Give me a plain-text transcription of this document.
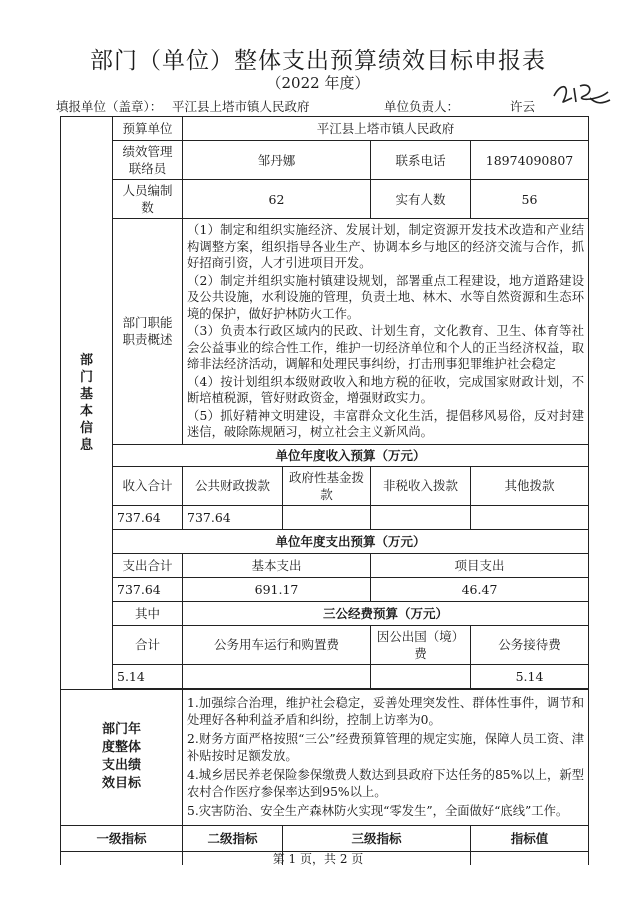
部门（单位）整体支出预算绩效目标申报表
（2022 年度）
填报单位（盖章）： 平江县上塔市镇人民政府	单位负责人：	许云
部门基本信息	预算单位	平江县上塔市镇人民政府			
	绩效管理联络员	邹丹娜		联系电话	18974090807
	人员编制数	62		实有人数	56
	部门职能职责概述	（1）制定和组织实施经济、发展计划，制定资源开发技术改造和产业结构调整方案，组织指导各业生产、协调本乡与地区的经济交流与合作，抓好招商引资，人才引进项目开发。

（2）制定并组织实施村镇建设规划，部署重点工程建设，地方道路建设及公共设施，水利设施的管理，负责土地、林木、水等自然资源和生态环境的保护，做好护林防火工作。

（3）负责本行政区域内的民政、计划生育，文化教育、卫生、体育等社会公益事业的综合性工作，维护一切经济单位和个人的正当经济权益，取缔非法经济活动，调解和处理民事纠纷，打击刑事犯罪维护社会稳定

（4）按计划组织本级财政收入和地方税的征收，完成国家财政计划，不断培植税源，管好财政资金，增强财政实力。

（5）抓好精神文明建设，丰富群众文化生活，提倡移风易俗，反对封建迷信，破除陈规陋习，树立社会主义新风尚。			

	单位年度收入预算（万元）				
	收入合计	公共财政拨款	政府性基金拨款	非税收入拨款	其他拨款
	737.64	737.64			
	单位年度支出预算（万元）				
	支出合计	基本支出		项目支出	
	737.64	691.17		46.47	
	其中	三公经费预算（万元）			
	合计	公务用车运行和购置费		因公出国（境）费	公务接待费
	5.14				5.14

部门年度整体支出绩效目标		1.加强综合治理，维护社会稳定，妥善处理突发性、群体性事件，调节和处理好各种利益矛盾和纠纷，控制上访率为0。

2.财务方面严格按照“三公”经费预算管理的规定实施，保障人员工资、津补贴按时足额发放。

4.城乡居民养老保险参保缴费人数达到县政府下达任务的85%以上，新型农村合作医疗参保率达到95%以上。

5.灾害防治、安全生产森林防火实现“零发生”，全面做好“底线”工作。			

一级指标		二级指标	三级指标		指标值

第 1 页，共 2 页
